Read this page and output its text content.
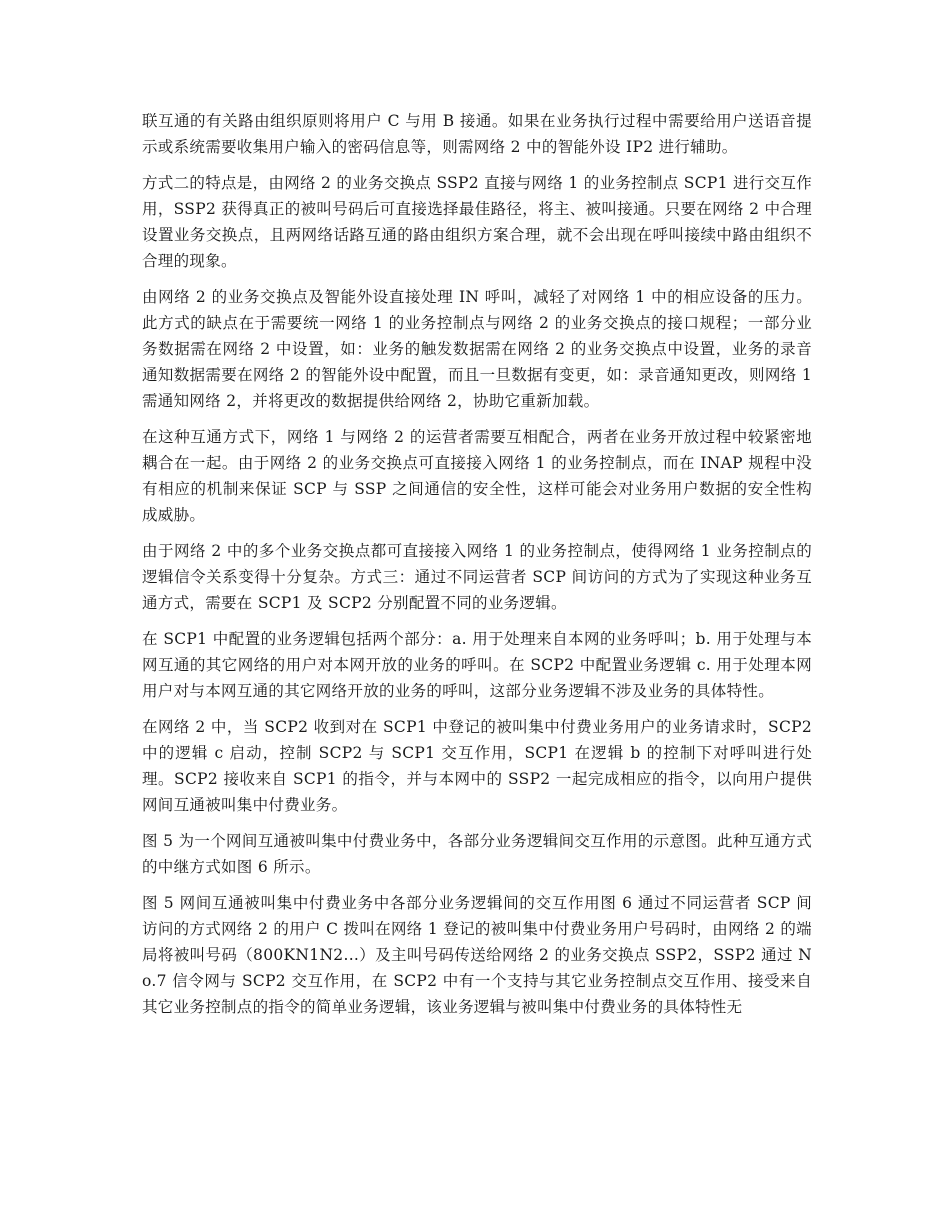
联互通的有关路由组织原则将用户 C 与用 B 接通。如果在业务执行过程中需要给用户送语音提示或系统需要收集用户输入的密码信息等，则需网络 2 中的智能外设 IP2 进行辅助。

方式二的特点是，由网络 2 的业务交换点 SSP2 直接与网络 1 的业务控制点 SCP1 进行交互作用，SSP2 获得真正的被叫号码后可直接选择最佳路径，将主、被叫接通。只要在网络 2 中合理设置业务交换点，且两网络话路互通的路由组织方案合理，就不会出现在呼叫接续中路由组织不合理的现象。

由网络 2 的业务交换点及智能外设直接处理 IN 呼叫，减轻了对网络 1 中的相应设备的压力。此方式的缺点在于需要统一网络 1 的业务控制点与网络 2 的业务交换点的接口规程；一部分业务数据需在网络 2 中设置，如：业务的触发数据需在网络 2 的业务交换点中设置，业务的录音通知数据需要在网络 2 的智能外设中配置，而且一旦数据有变更，如：录音通知更改，则网络 1 需通知网络 2，并将更改的数据提供给网络 2，协助它重新加载。

在这种互通方式下，网络 1 与网络 2 的运营者需要互相配合，两者在业务开放过程中较紧密地耦合在一起。由于网络 2 的业务交换点可直接接入网络 1 的业务控制点，而在 INAP 规程中没有相应的机制来保证 SCP 与 SSP 之间通信的安全性，这样可能会对业务用户数据的安全性构成威胁。

由于网络 2 中的多个业务交换点都可直接接入网络 1 的业务控制点，使得网络 1 业务控制点的逻辑信令关系变得十分复杂。方式三：通过不同运营者 SCP 间访问的方式为了实现这种业务互通方式，需要在 SCP1 及 SCP2 分别配置不同的业务逻辑。

在 SCP1 中配置的业务逻辑包括两个部分：a. 用于处理来自本网的业务呼叫；b. 用于处理与本网互通的其它网络的用户对本网开放的业务的呼叫。在 SCP2 中配置业务逻辑 c. 用于处理本网用户对与本网互通的其它网络开放的业务的呼叫，这部分业务逻辑不涉及业务的具体特性。

在网络 2 中，当 SCP2 收到对在 SCP1 中登记的被叫集中付费业务用户的业务请求时，SCP2 中的逻辑 c 启动，控制 SCP2 与 SCP1 交互作用，SCP1 在逻辑 b 的控制下对呼叫进行处理。SCP2 接收来自 SCP1 的指令，并与本网中的 SSP2 一起完成相应的指令，以向用户提供网间互通被叫集中付费业务。

图 5 为一个网间互通被叫集中付费业务中，各部分业务逻辑间交互作用的示意图。此种互通方式的中继方式如图 6 所示。

图 5 网间互通被叫集中付费业务中各部分业务逻辑间的交互作用图 6 通过不同运营者 SCP 间访问的方式网络 2 的用户 C 拨叫在网络 1 登记的被叫集中付费业务用户号码时，由网络 2 的端局将被叫号码（800KN1N2...）及主叫号码传送给网络 2 的业务交换点 SSP2，SSP2 通过 No.7 信令网与 SCP2 交互作用，在 SCP2 中有一个支持与其它业务控制点交互作用、接受来自其它业务控制点的指令的简单业务逻辑，该业务逻辑与被叫集中付费业务的具体特性无
